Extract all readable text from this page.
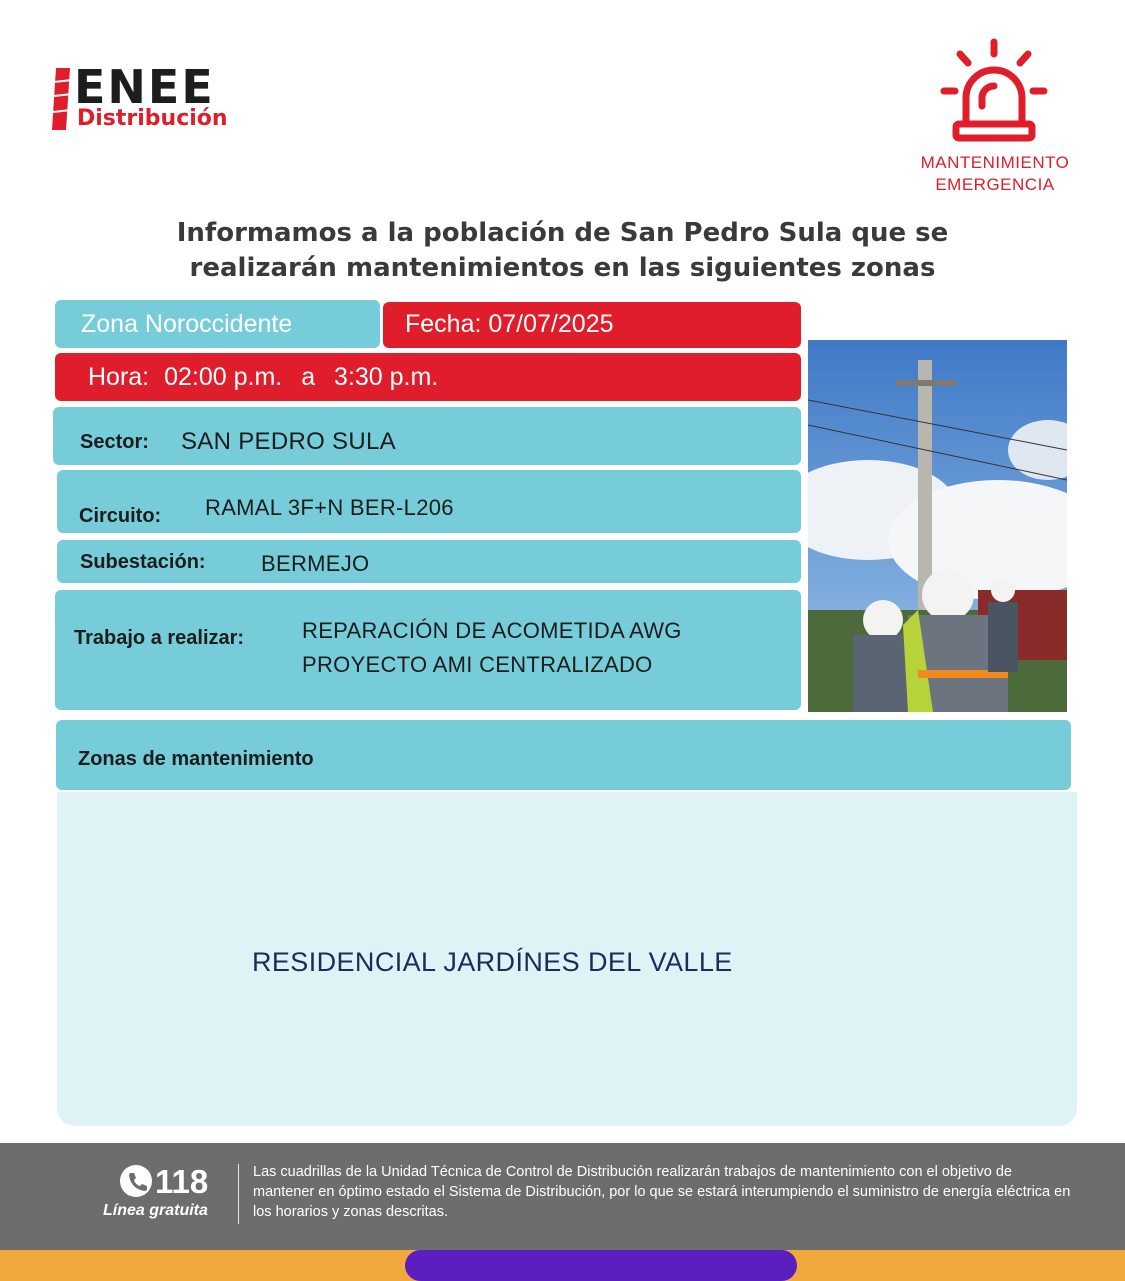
ENEE
Distribución
MANTENIMIENTO
EMERGENCIA
Informamos a la población de San Pedro Sula que se
realizarán mantenimientos en las siguientes zonas
Zona Noroccidente	Fecha: 07/07/2025
Hora: 02:00 p.m. a 3:30 p.m.
Sector: SAN PEDRO SULA
Circuito: RAMAL 3F+N BER-L206
Subestación:	BERMEJO
Trabajo a realizar:	REPARACIÓN DE ACOMETIDA AWG
PROYECTO AMI CENTRALIZADO
Zonas de mantenimiento
RESIDENCIAL JARDÍNES DEL VALLE
118
Línea gratuita
Las cuadrillas de la Unidad Técnica de Control de Distribución realizarán trabajos de mantenimiento con el objetivo de mantener en óptimo estado el Sistema de Distribución, por lo que se estará interumpiendo el suministro de energía eléctrica en los horarios y zonas descritas.
